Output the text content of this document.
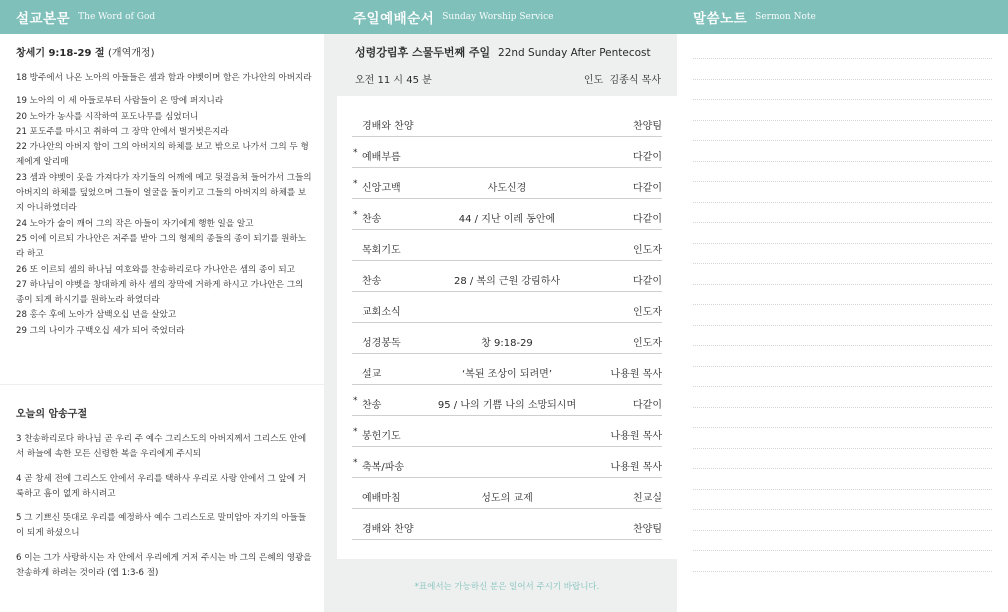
설교본문 The Word of God
창세기 9:18-29 절 (개역개정)
18 방주에서 나온 노아의 아들들은 셈과 함과 야벳이며 함은 가나안의 아버지라
19 노아의 이 세 아들로부터 사람들이 온 땅에 퍼지니라
20 노아가 농사를 시작하여 포도나무를 심었더니
21 포도주를 마시고 취하여 그 장막 안에서 벌거벗은지라
22 가나안의 아버지 함이 그의 아버지의 하체를 보고 밖으로 나가서 그의 두 형제에게 알리매
23 셈과 야벳이 옷을 가져다가 자기들의 어깨에 메고 뒷걸음쳐 들어가서 그들의 아버지의 하체를 덮었으며 그들이 얼굴을 돌이키고 그들의 아버지의 하체를 보지 아니하였더라
24 노아가 술이 깨어 그의 작은 아들이 자기에게 행한 일을 알고
25 이에 이르되 가나안은 저주를 받아 그의 형제의 종들의 종이 되기를 원하노라 하고
26 또 이르되 셈의 하나님 여호와를 찬송하리로다 가나안은 셈의 종이 되고
27 하나님이 야벳을 창대하게 하사 셈의 장막에 거하게 하시고 가나안은 그의 종이 되게 하시기를 원하노라 하였더라
28 홍수 후에 노아가 삼백오십 년을 살았고
29 그의 나이가 구백오십 세가 되어 죽었더라
오늘의 암송구절
3 찬송하리로다 하나님 곧 우리 주 예수 그리스도의 아버지께서 그리스도 안에서 하늘에 속한 모든 신령한 복을 우리에게 주시되
4 곧 창세 전에 그리스도 안에서 우리를 택하사 우리로 사랑 안에서 그 앞에 거룩하고 흠이 없게 하시려고
5 그 기쁘신 뜻대로 우리를 예정하사 예수 그리스도로 말미암아 자기의 아들들이 되게 하셨으니
6 이는 그가 사랑하시는 자 안에서 우리에게 거저 주시는 바 그의 은혜의 영광을 찬송하게 하려는 것이라 (엡 1:3-6 절)
주일예배순서 Sunday Worship Service
성령강림후 스물두번째 주일 22nd Sunday After Pentecost
오전 11 시 45 분	인도 김종식 목사
경배와 찬양	찬양팀
* 예배부름	다같이
* 신앙고백	사도신경	다같이
* 찬송	44 / 지난 이레 동안에	다같이
목회기도	인도자
찬송	28 / 복의 근원 강림하사	다같이
교회소식	인도자
성경봉독	창 9:18-29	인도자
설교	‘복된 조상이 되려면’	나용원 목사
* 찬송	95 / 나의 기쁨 나의 소망되시며	다같이
* 봉헌기도	나용원 목사
* 축복/파송	나용원 목사
예배마침	성도의 교제	친교실
경배와 찬양	찬양팀
*표에서는 가능하신 분은 일어서 주시기 바랍니다.
말씀노트 Sermon Note
